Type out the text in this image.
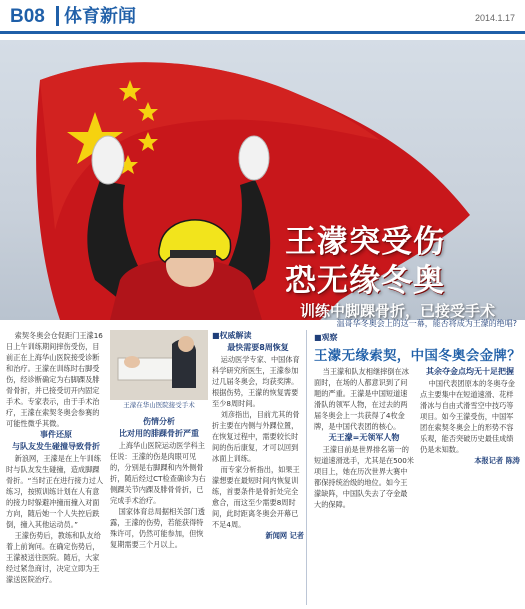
B08 体育新闻	2014.1.17
王濛突受伤
恐无缘冬奥
训练中脚踝骨折，已接受手术
温哥华冬奥会上的这一幕，能否将成为王濛的绝唱?

索契冬奥会仓促距门王濛16日上午训练期间摔伤受伤，目前正在上海华山医院接受诊断和治疗。王濛在训练时右脚受伤，经诊断确定为右脚踝及腓骨骨折，并已接受切开内固定手术。专家表示，由于手术治疗，王濛在索契冬奥会参赛的可能性微乎其微。

事件还原
与队友发生碰撞导致骨折

新浪网，王濛是在上午训练时与队友发生碰撞，造成脚踝骨折。“当时正在进行接力过人练习，按照训练计划在人有意的接力时躲避冲撞而撞入对面方向，随后她一个人失控后跌倒，撞入其他运动员。”

王濛伤势后，教练和队友给着上前询问。在确定伤势后，王濛被送往医院。随后，大家经过紧急商讨，决定立即为王濛送医院治疗。

王濛在华山医院接受手术
伤情分析
比对用的腓踝骨折严重

上海华山医院运动医学科主任说：王濛的伤是肉眼可见的，分别是右脚踝和内外侧骨折，随后经过CT检查确诊为右侧踝关节内踝及腓骨骨折，已完成手术治疗。

国家体育总局据相关部门透露，王濛的伤势，若能获得特殊许可，仍然可能参加，但恢复期需要三个月以上。

■权威解读
最快需要8周恢复

运动医学专家、中国体育科学研究所医生，王濛参加过几届冬奥会，均获奖牌。根据伤势，王濛的恢复需要至少8周时间。

刘彦指出，目前尤其的骨折主要在内侧与外踝位置，在恢复过程中，需要较长时间的伤后康复，才可以回到冰面上训练。

而专家分析指出，如果王濛想要在最短时间内恢复训练，首要条件是骨折处完全愈合，而这至少需要8周时间，此时距离冬奥会开幕已不足4周。

新闻网 记者
■观察
王濛无缘索契，中国冬奥会金牌？

当王濛和队友相继摔倒在冰面时，在场的人都意识到了问题的严重。王濛是中国短道速滑队的领军人物，在过去的两届冬奥会上一共获得了4枚金牌，是中国代表团的核心。

无王濛=无领军人物

王濛目前是世界排名第一的短道速滑选手，尤其是在500米项目上，她在历次世界大赛中都保持统治级的地位。如今王濛缺阵，中国队失去了夺金最大的保障。

其余夺金点均无十足把握

中国代表团原本的冬奥夺金点主要集中在短道速滑、花样滑冰与自由式滑雪空中技巧等项目。如今王濛受伤，中国军团在索契冬奥会上的形势不容乐观，能否突破历史最佳成绩仍是未知数。

本报记者 陈涛
